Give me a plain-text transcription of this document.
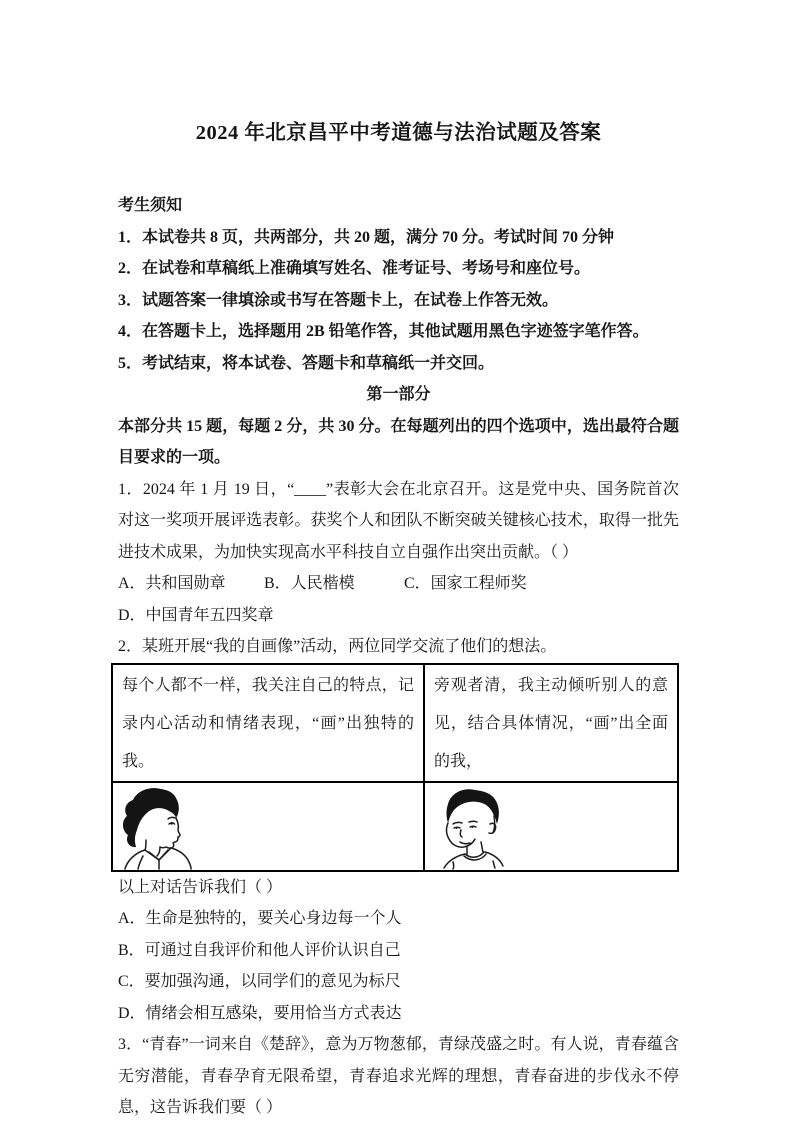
2024 年北京昌平中考道德与法治试题及答案

考生须知

1．本试卷共 8 页，共两部分，共 20 题，满分 70 分。考试时间 70 分钟

2．在试卷和草稿纸上准确填写姓名、准考证号、考场号和座位号。

3．试题答案一律填涂或书写在答题卡上，在试卷上作答无效。

4．在答题卡上，选择题用 2B 铅笔作答，其他试题用黑色字迹签字笔作答。

5．考试结束，将本试卷、答题卡和草稿纸一并交回。

第一部分

本部分共 15 题，每题 2 分，共 30 分。在每题列出的四个选项中，选出最符合题目要求的一项。

1．2024 年 1 月 19 日，“____”表彰大会在北京召开。这是党中央、国务院首次对这一奖项开展评选表彰。获奖个人和团队不断突破关键核心技术，取得一批先进技术成果，为加快实现高水平科技自立自强作出突出贡献。（ ）

A．共和国勋章 B．人民楷模	C．国家工程师奖D．中国青年五四奖章

2．某班开展“我的自画像”活动，两位同学交流了他们的想法。

每个人都不一样，我关注自己的特点，记录内心活动和情绪表现，“画”出独特的我。	旁观者清，我主动倾听别人的意见，结合具体情况，“画”出全面的我，

以上对话告诉我们（ ）

A．生命是独特的，要关心身边每一个人

B．可通过自我评价和他人评价认识自己

C．要加强沟通，以同学们的意见为标尺

D．情绪会相互感染，要用恰当方式表达

3．“青春”一词来自《楚辞》，意为万物葱郁，青绿茂盛之时。有人说，青春蕴含无穷潜能，青春孕育无限希望，青春追求光辉的理想，青春奋进的步伐永不停息，这告诉我们要（ ）
